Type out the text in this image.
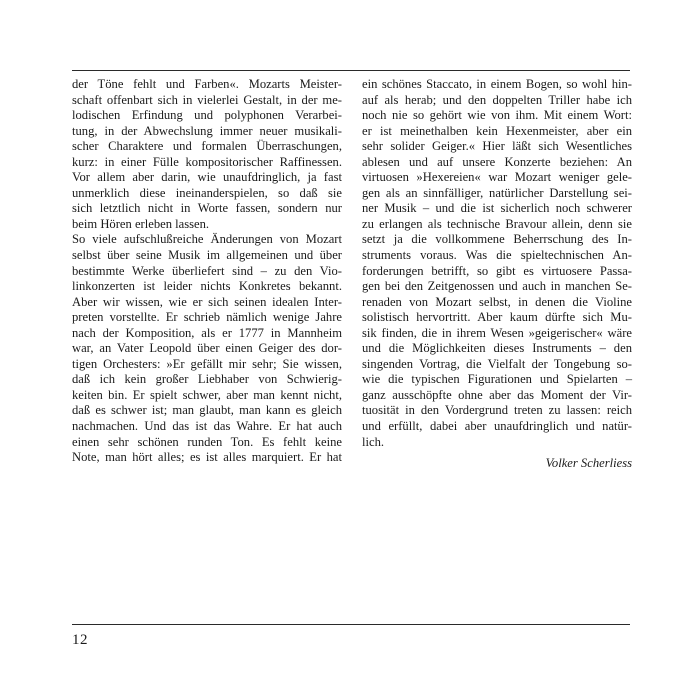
der Töne fehlt und Farben«. Mozarts Meister-
schaft offenbart sich in vielerlei Gestalt, in der me-
lodischen Erfindung und polyphonen Verarbei-
tung, in der Abwechslung immer neuer musikali-
scher Charaktere und formalen Überraschungen,
kurz: in einer Fülle kompositorischer Raffinessen.
Vor allem aber darin, wie unaufdringlich, ja fast
unmerklich diese ineinanderspielen, so daß sie
sich letztlich nicht in Worte fassen, sondern nur
beim Hören erleben lassen.
So viele aufschlußreiche Änderungen von Mozart
selbst über seine Musik im allgemeinen und über
bestimmte Werke überliefert sind – zu den Vio-
linkonzerten ist leider nichts Konkretes bekannt.
Aber wir wissen, wie er sich seinen idealen Inter-
preten vorstellte. Er schrieb nämlich wenige Jahre
nach der Komposition, als er 1777 in Mannheim
war, an Vater Leopold über einen Geiger des dor-
tigen Orchesters: »Er gefällt mir sehr; Sie wissen,
daß ich kein großer Liebhaber von Schwierig-
keiten bin. Er spielt schwer, aber man kennt nicht,
daß es schwer ist; man glaubt, man kann es gleich
nachmachen. Und das ist das Wahre. Er hat auch
einen sehr schönen runden Ton. Es fehlt keine
Note, man hört alles; es ist alles marquiert. Er hat
ein schönes Staccato, in einem Bogen, so wohl hin-
auf als herab; und den doppelten Triller habe ich
noch nie so gehört wie von ihm. Mit einem Wort:
er ist meinethalben kein Hexenmeister, aber ein
sehr solider Geiger.« Hier läßt sich Wesentliches
ablesen und auf unsere Konzerte beziehen: An
virtuosen »Hexereien« war Mozart weniger gele-
gen als an sinnfälliger, natürlicher Darstellung sei-
ner Musik – und die ist sicherlich noch schwerer
zu erlangen als technische Bravour allein, denn sie
setzt ja die vollkommene Beherrschung des In-
struments voraus. Was die spieltechnischen An-
forderungen betrifft, so gibt es virtuosere Passa-
gen bei den Zeitgenossen und auch in manchen Se-
renaden von Mozart selbst, in denen die Violine
solistisch hervortritt. Aber kaum dürfte sich Mu-
sik finden, die in ihrem Wesen »geigerischer« wäre
und die Möglichkeiten dieses Instruments – den
singenden Vortrag, die Vielfalt der Tongebung so-
wie die typischen Figurationen und Spielarten –
ganz ausschöpfte ohne aber das Moment der Vir-
tuosität in den Vordergrund treten zu lassen: reich
und erfüllt, dabei aber unaufdringlich und natür-
lich.
Volker Scherliess
12
